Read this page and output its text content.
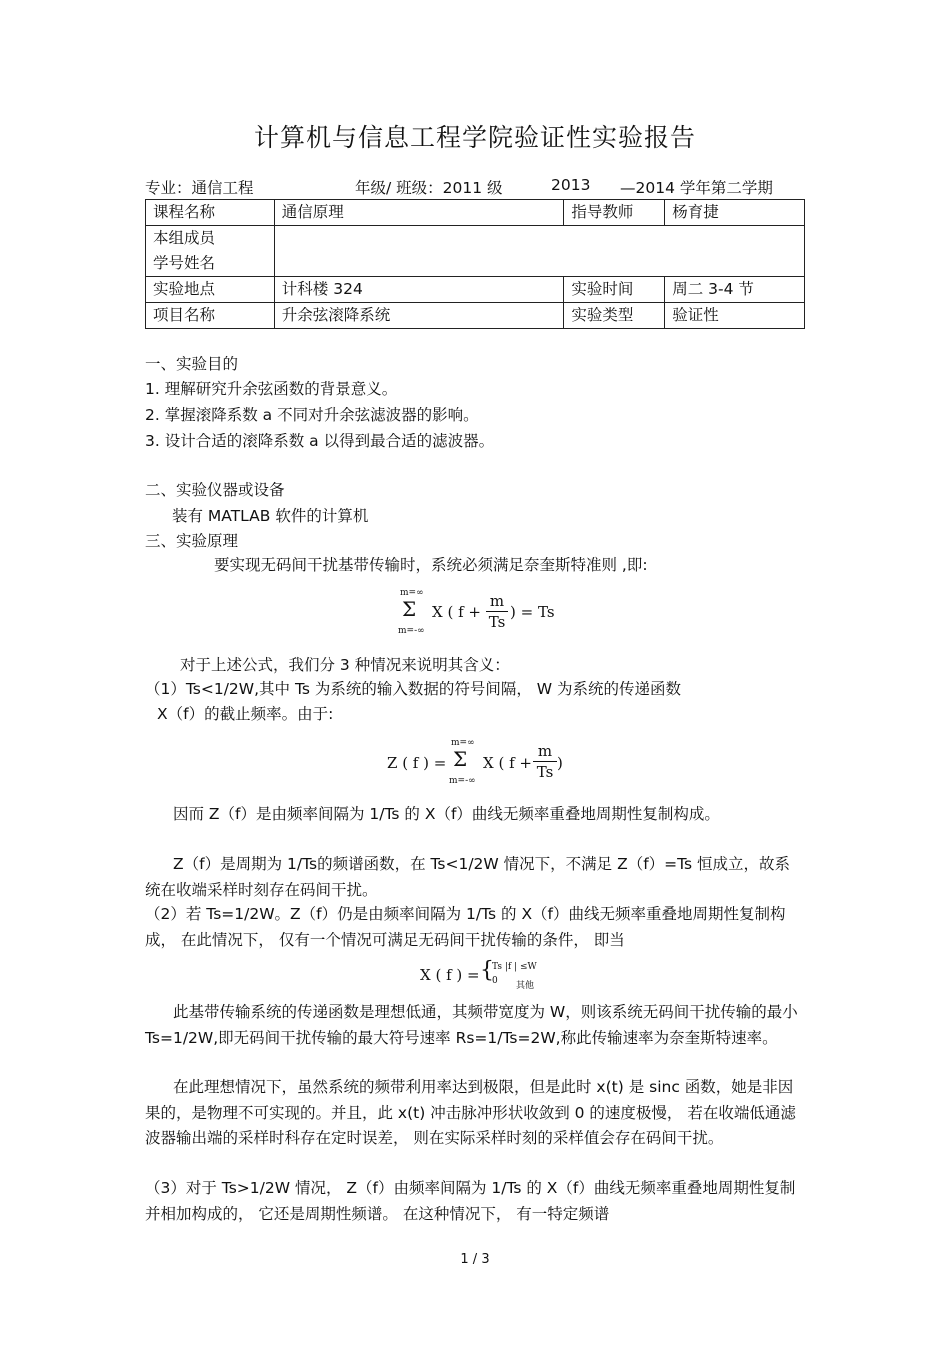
计算机与信息工程学院验证性实验报告
专业：通信工程	年级/ 班级：2011 级	2013 —2014 学年第二学期
课程名称	通信原理	指导教师	杨育捷

本组成员
学号姓名			

实验地点	计科楼 324	实验时间	周二 3-4 节
项目名称	升余弦滚降系统	实验类型	验证性
一、实验目的
1. 理解研究升余弦函数的背景意义。
2. 掌握滚降系数 a 不同对升余弦滤波器的影响。
3. 设计合适的滚降系数 a 以得到最合适的滤波器。
二、实验仪器或设备
装有 MATLAB 软件的计算机
三、实验原理
要实现无码间干扰基带传输时，系统必须满足奈奎斯特准则 ,即:
m=∞
Σ
m=-∞
X ( f +
m
Ts
) = Ts
对于上述公式，我们分 3 种情况来说明其含义：
（1）Ts<1/2W,其中 Ts 为系统的输入数据的符号间隔， W 为系统的传递函数
X（f）的截止频率。由于:
Z ( f ) =
m=∞
Σ
m=-∞
X ( f +
m
Ts )
因而 Z（f）是由频率间隔为 1/Ts 的 X（f）曲线无频率重叠地周期性复制构成。
Z（f）是周期为 1/Ts的频谱函数，在 Ts<1/2W 情况下，不满足 Z（f）=Ts 恒成立，故系统在收端采样时刻存在码间干扰。
（2）若 Ts=1/2W。Z（f）仍是由频率间隔为 1/Ts 的 X（f）曲线无频率重叠地周期性复制构成， 在此情况下， 仅有一个情况可满足无码间干扰传输的条件， 即当
X ( f ) = {
Ts |f | ≤W
0 其他
此基带传输系统的传递函数是理想低通，其频带宽度为 W，则该系统无码间干扰传输的最小 Ts=1/2W,即无码间干扰传输的最大符号速率 Rs=1/Ts=2W,称此传输速率为奈奎斯特速率。
在此理想情况下，虽然系统的频带利用率达到极限，但是此时 x(t) 是 sinc 函数，她是非因果的，是物理不可实现的。并且，此 x(t) 冲击脉冲形状收敛到 0 的速度极慢， 若在收端低通滤波器输出端的采样时科存在定时误差， 则在实际采样时刻的采样值会存在码间干扰。
（3）对于 Ts>1/2W 情况， Z（f）由频率间隔为 1/Ts 的 X（f）曲线无频率重叠地周期性复制并相加构成的， 它还是周期性频谱。 在这种情况下， 有一特定频谱
1 / 3
